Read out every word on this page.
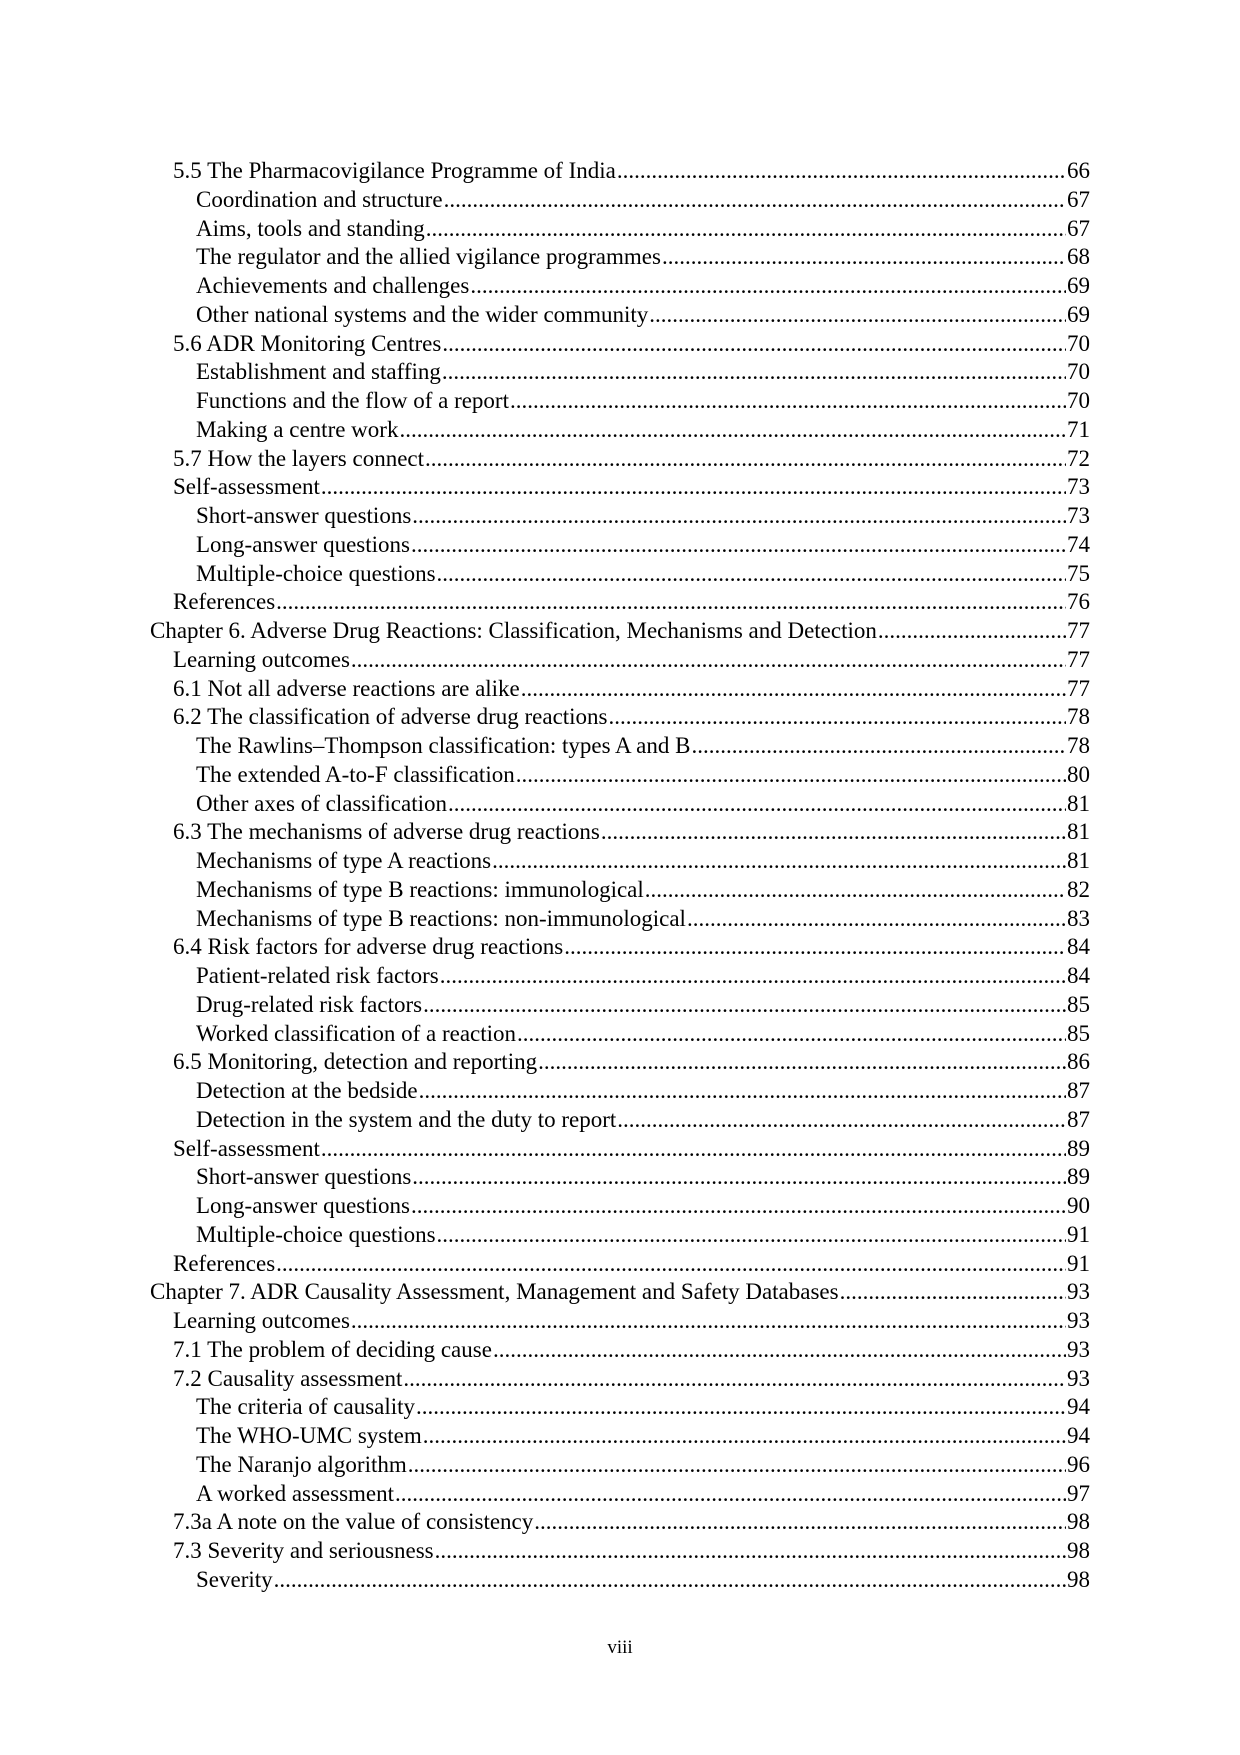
5.5 The Pharmacovigilance Programme of India .....	66
Coordination and structure .....	67
Aims, tools and standing .....	67
The regulator and the allied vigilance programmes .....	68
Achievements and challenges .....	69
Other national systems and the wider community .....	69
5.6 ADR Monitoring Centres .....	70
Establishment and staffing .....	70
Functions and the flow of a report .....	70
Making a centre work .....	71
5.7 How the layers connect .....	72
Self-assessment .....	73
Short-answer questions .....	73
Long-answer questions .....	74
Multiple-choice questions .....	75
References .....	76
Chapter 6. Adverse Drug Reactions: Classification, Mechanisms and Detection .....	77
Learning outcomes .....	77
6.1 Not all adverse reactions are alike .....	77
6.2 The classification of adverse drug reactions .....	78
The Rawlins–Thompson classification: types A and B .....	78
The extended A-to-F classification .....	80
Other axes of classification .....	81
6.3 The mechanisms of adverse drug reactions .....	81
Mechanisms of type A reactions .....	81
Mechanisms of type B reactions: immunological .....	82
Mechanisms of type B reactions: non-immunological .....	83
6.4 Risk factors for adverse drug reactions .....	84
Patient-related risk factors .....	84
Drug-related risk factors .....	85
Worked classification of a reaction .....	85
6.5 Monitoring, detection and reporting .....	86
Detection at the bedside .....	87
Detection in the system and the duty to report .....	87
Self-assessment .....	89
Short-answer questions .....	89
Long-answer questions .....	90
Multiple-choice questions .....	91
References .....	91
Chapter 7. ADR Causality Assessment, Management and Safety Databases .....	93
Learning outcomes .....	93
7.1 The problem of deciding cause .....	93
7.2 Causality assessment .....	93
The criteria of causality .....	94
The WHO-UMC system .....	94
The Naranjo algorithm .....	96
A worked assessment .....	97
7.3a A note on the value of consistency .....	98
7.3 Severity and seriousness .....	98
Severity .....	98
viii
